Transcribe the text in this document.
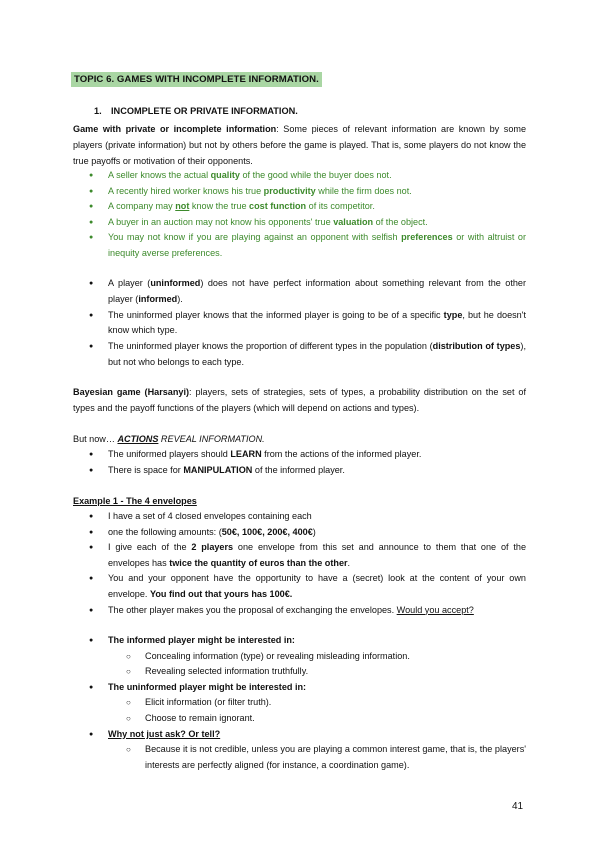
TOPIC 6. GAMES WITH INCOMPLETE INFORMATION.
1. INCOMPLETE OR PRIVATE INFORMATION.
Game with private or incomplete information: Some pieces of relevant information are known by some players (private information) but not by others before the game is played. That is, some players do not know the true payoffs or motivation of their opponents.
● A seller knows the actual quality of the good while the buyer does not.
● A recently hired worker knows his true productivity while the firm does not.
● A company may not know the true cost function of its competitor.
● A buyer in an auction may not know his opponents' true valuation of the object.
● You may not know if you are playing against an opponent with selfish preferences or with altruist or inequity averse preferences.
● A player (uninformed) does not have perfect information about something relevant from the other player (informed).
● The uninformed player knows that the informed player is going to be of a specific type, but he doesn't know which type.
● The uninformed player knows the proportion of different types in the population (distribution of types), but not who belongs to each type.
Bayesian game (Harsanyi): players, sets of strategies, sets of types, a probability distribution on the set of types and the payoff functions of the players (which will depend on actions and types).
But now… ACTIONS REVEAL INFORMATION.
● The uniformed players should LEARN from the actions of the informed player.
● There is space for MANIPULATION of the informed player.
Example 1 - The 4 envelopes
● I have a set of 4 closed envelopes containing each
● one the following amounts: (50€, 100€, 200€, 400€)
● I give each of the 2 players one envelope from this set and announce to them that one of the envelopes has twice the quantity of euros than the other.
● You and your opponent have the opportunity to have a (secret) look at the content of your own envelope. You find out that yours has 100€.
● The other player makes you the proposal of exchanging the envelopes. Would you accept?
● The informed player might be interested in:
○ Concealing information (type) or revealing misleading information.
○ Revealing selected information truthfully.
● The uninformed player might be interested in:
○ Elicit information (or filter truth).
○ Choose to remain ignorant.
● Why not just ask? Or tell?
○ Because it is not credible, unless you are playing a common interest game, that is, the players' interests are perfectly aligned (for instance, a coordination game).
41
